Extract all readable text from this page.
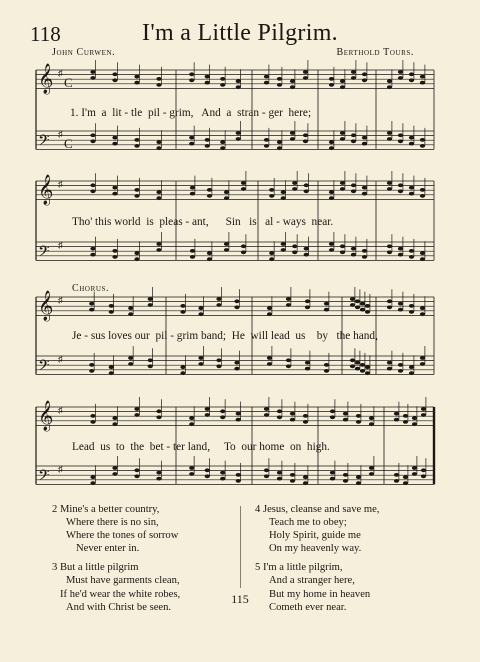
118	I'm a Little Pilgrim.
John Curwen.	Berthold Tours.
𝄞 ♯
𝄢 ♯
𝄞 ♯
𝄢 ♯
𝄞 ♯
𝄢 ♯
𝄞 ♯
𝄢 ♯
C
C
Chorus.
1. I'm  a  lit - tle  pil - grim,   And  a  stran - ger  here;
Tho' this world  is  pleas - ant,      Sin   is   al - ways  near.
Je - sus loves our  pil - grim band;  He  will lead  us    by   the hand,
Lead  us  to  the  bet - ter land,     To  our home  on  high.
2 Mine's a better country,
Where there is no sin,
Where the tones of sorrow
Never enter in.
3 But a little pilgrim
Must have garments clean,
If he'd wear the white robes,
And with Christ be seen.
4 Jesus, cleanse and save me,
Teach me to obey;
Holy Spirit, guide me
On my heavenly way.
5 I'm a little pilgrim,
And a stranger here,
But my home in heaven
Cometh ever near.
115
